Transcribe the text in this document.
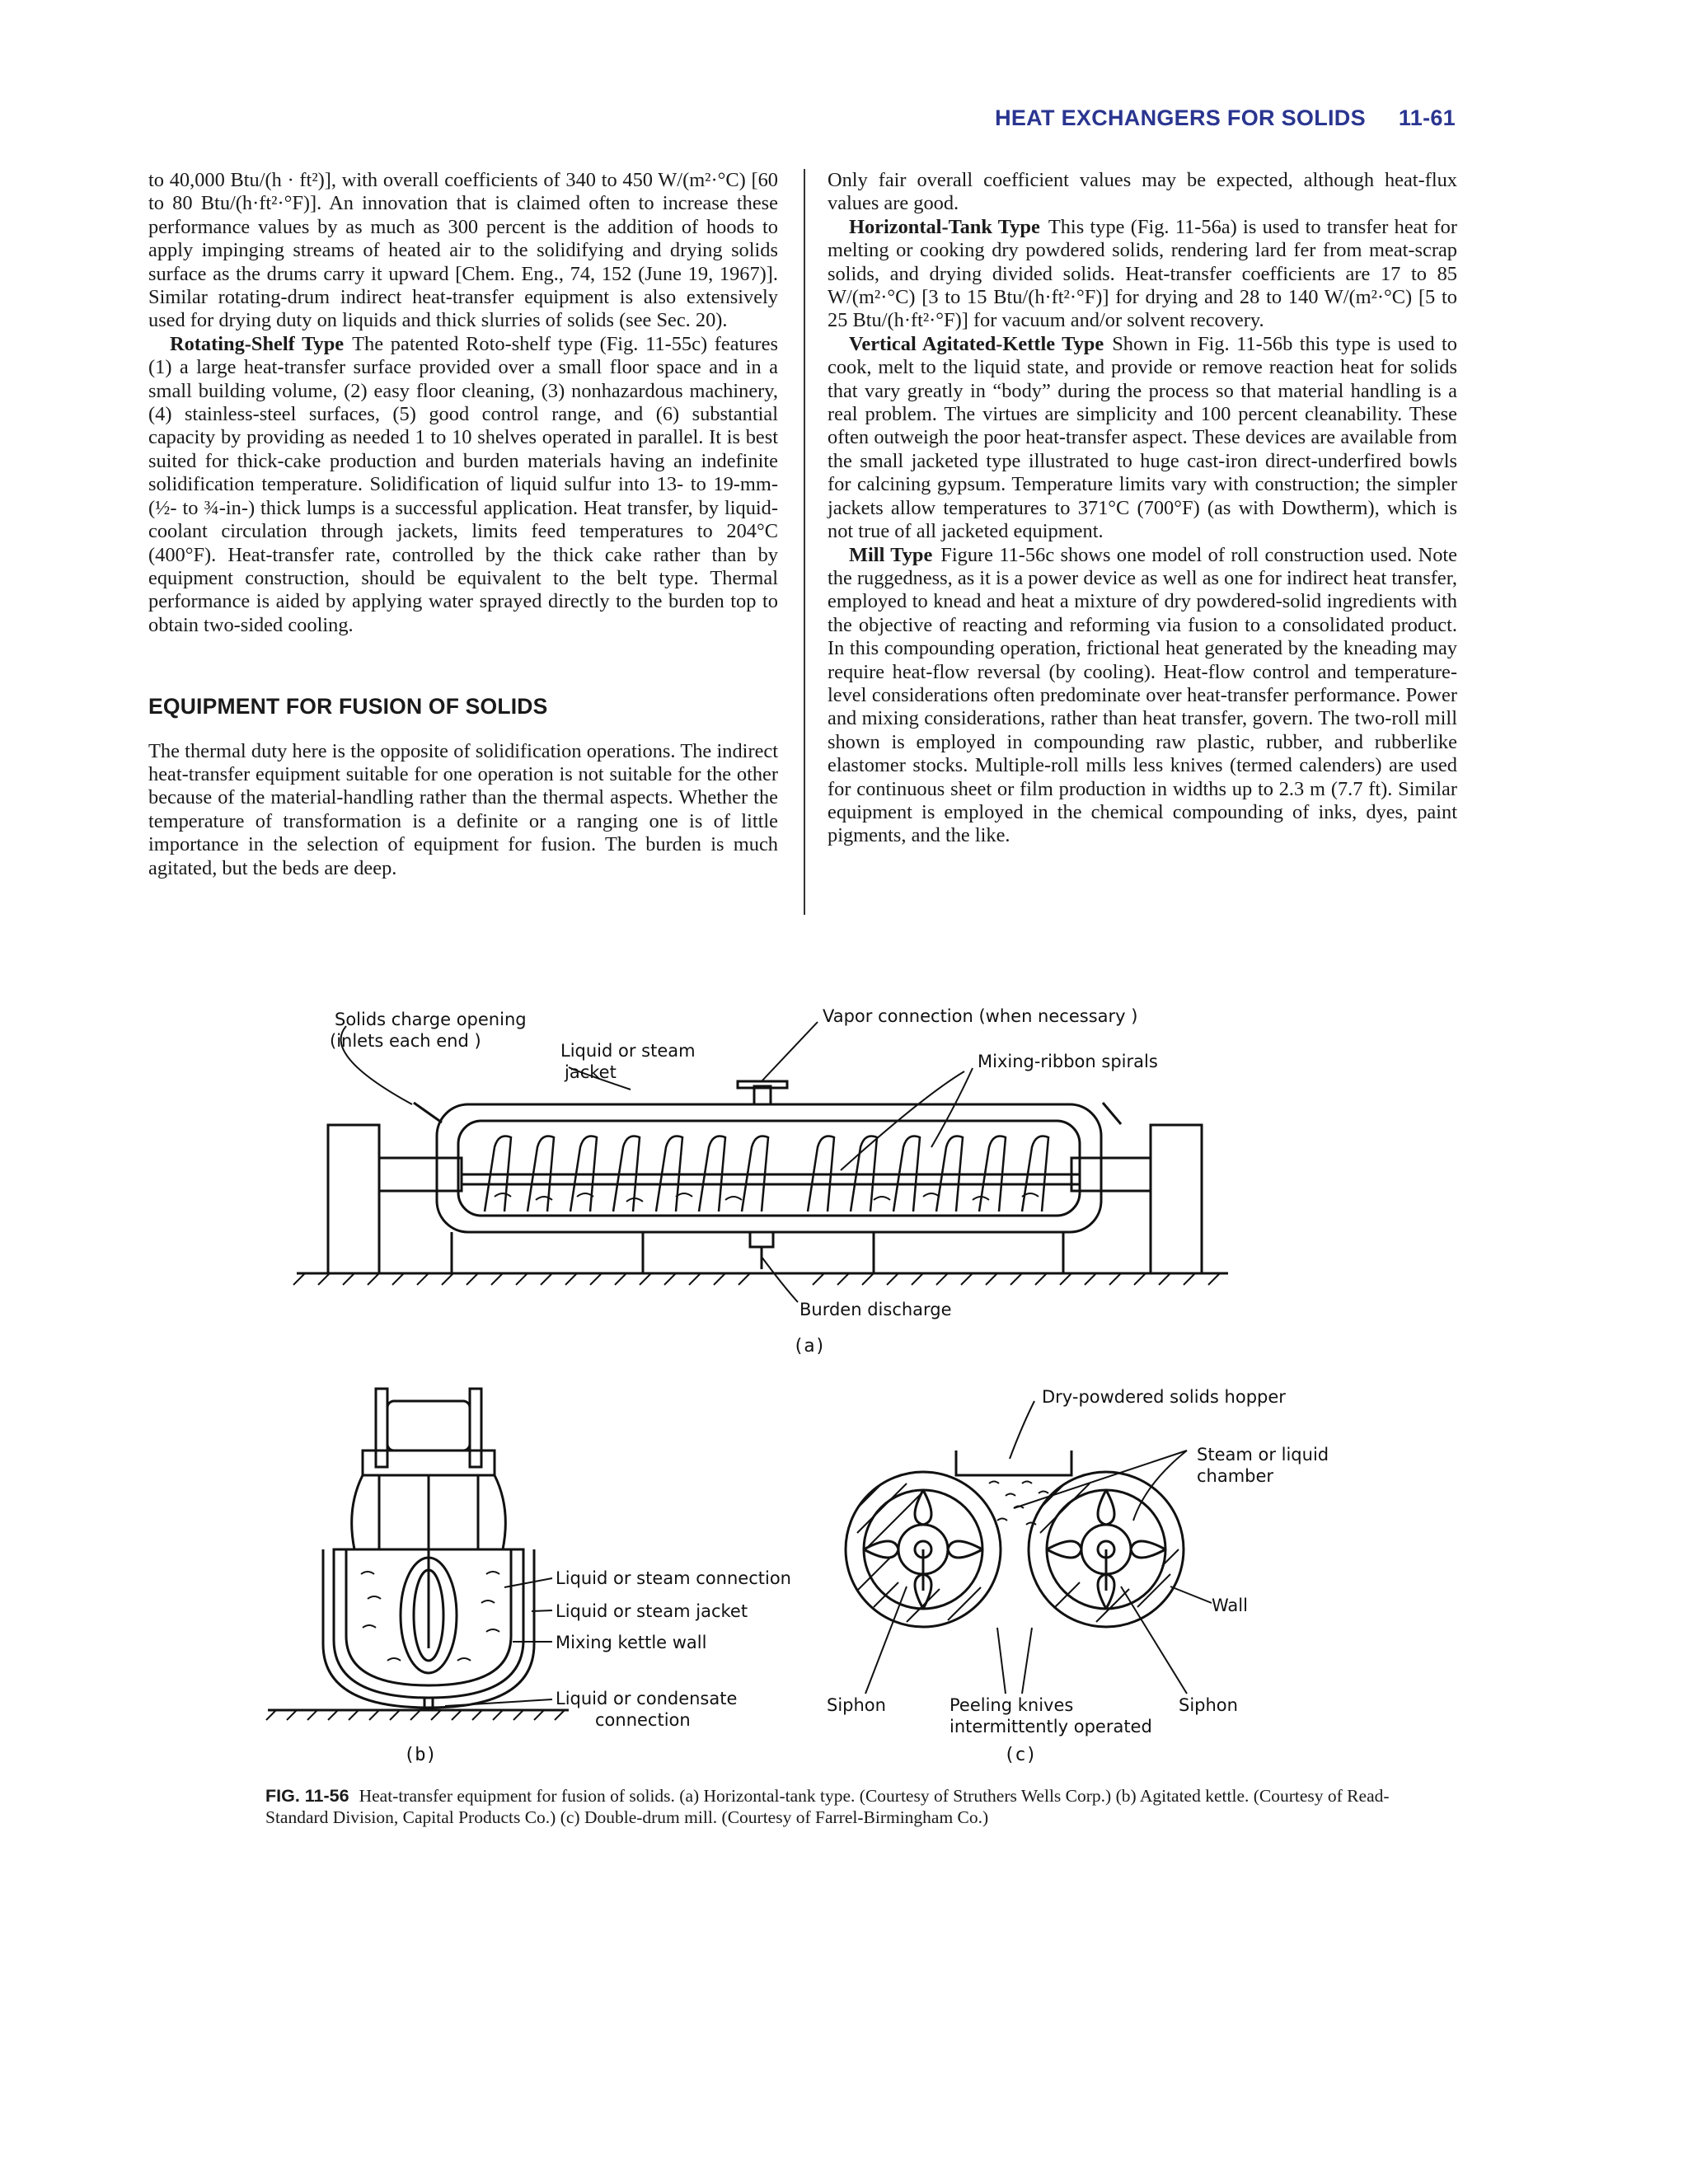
HEAT EXCHANGERS FOR SOLIDS 11-61

to 40,000 Btu/(h · ft²)], with overall coefficients of 340 to 450 W/(m²·°C) [60 to 80 Btu/(h·ft²·°F)]. An innovation that is claimed often to increase these performance values by as much as 300 percent is the addition of hoods to apply impinging streams of heated air to the solidifying and drying solids surface as the drums carry it upward [Chem. Eng., 74, 152 (June 19, 1967)]. Similar rotating-drum indirect heat-transfer equipment is also extensively used for drying duty on liquids and thick slurries of solids (see Sec. 20).

Rotating-Shelf Type The patented Roto-shelf type (Fig. 11-55c) features (1) a large heat-transfer surface provided over a small floor space and in a small building volume, (2) easy floor cleaning, (3) nonhazardous machinery, (4) stainless-steel surfaces, (5) good control range, and (6) substantial capacity by providing as needed 1 to 10 shelves operated in parallel. It is best suited for thick-cake production and burden materials having an indefinite solidification temperature. Solidification of liquid sulfur into 13- to 19-mm- (½- to ¾-in-) thick lumps is a successful application. Heat transfer, by liquid-coolant circulation through jackets, limits feed temperatures to 204°C (400°F). Heat-transfer rate, controlled by the thick cake rather than by equipment construction, should be equivalent to the belt type. Thermal performance is aided by applying water sprayed directly to the burden top to obtain two-sided cooling.

EQUIPMENT FOR FUSION OF SOLIDS

The thermal duty here is the opposite of solidification operations. The indirect heat-transfer equipment suitable for one operation is not suitable for the other because of the material-handling rather than the thermal aspects. Whether the temperature of transformation is a definite or a ranging one is of little importance in the selection of equipment for fusion. The burden is much agitated, but the beds are deep.

Only fair overall coefficient values may be expected, although heat-flux values are good.

Horizontal-Tank Type This type (Fig. 11-56a) is used to transfer heat for melting or cooking dry powdered solids, rendering lard fer from meat-scrap solids, and drying divided solids. Heat-transfer coefficients are 17 to 85 W/(m²·°C) [3 to 15 Btu/(h·ft²·°F)] for drying and 28 to 140 W/(m²·°C) [5 to 25 Btu/(h·ft²·°F)] for vacuum and/or solvent recovery.

Vertical Agitated-Kettle Type Shown in Fig. 11-56b this type is used to cook, melt to the liquid state, and provide or remove reaction heat for solids that vary greatly in “body” during the process so that material handling is a real problem. The virtues are simplicity and 100 percent cleanability. These often outweigh the poor heat-transfer aspect. These devices are available from the small jacketed type illustrated to huge cast-iron direct-underfired bowls for calcining gypsum. Temperature limits vary with construction; the simpler jackets allow temperatures to 371°C (700°F) (as with Dowtherm), which is not true of all jacketed equipment.

Mill Type Figure 11-56c shows one model of roll construction used. Note the ruggedness, as it is a power device as well as one for indirect heat transfer, employed to knead and heat a mixture of dry powdered-solid ingredients with the objective of reacting and reforming via fusion to a consolidated product. In this compounding operation, frictional heat generated by the kneading may require heat-flow reversal (by cooling). Heat-flow control and temperature-level considerations often predominate over heat-transfer performance. Power and mixing considerations, rather than heat transfer, govern. The two-roll mill shown is employed in compounding raw plastic, rubber, and rubberlike elastomer stocks. Multiple-roll mills less knives (termed calenders) are used for continuous sheet or film production in widths up to 2.3 m (7.7 ft). Similar equipment is employed in the chemical compounding of inks, dyes, paint pigments, and the like.

Solids charge opening
(inlets each end )	Liquid or steam
jacket
Vapor connection (when necessary )
Mixing-ribbon spirals
Burden discharge
(a)
Liquid or steam connection
Liquid or steam jacket
Mixing kettle wall
Liquid or condensate
connection
(b)
Dry-powdered solids hopper
Steam or liquid
chamber
Wall
Siphon	Peeling knives
intermittently operated
Siphon
(c)
FIG. 11-56 Heat-transfer equipment for fusion of solids. (a) Horizontal-tank type. (Courtesy of Struthers Wells Corp.) (b) Agitated kettle. (Courtesy of Read-Standard Division, Capital Products Co.) (c) Double-drum mill. (Courtesy of Farrel-Birmingham Co.)
